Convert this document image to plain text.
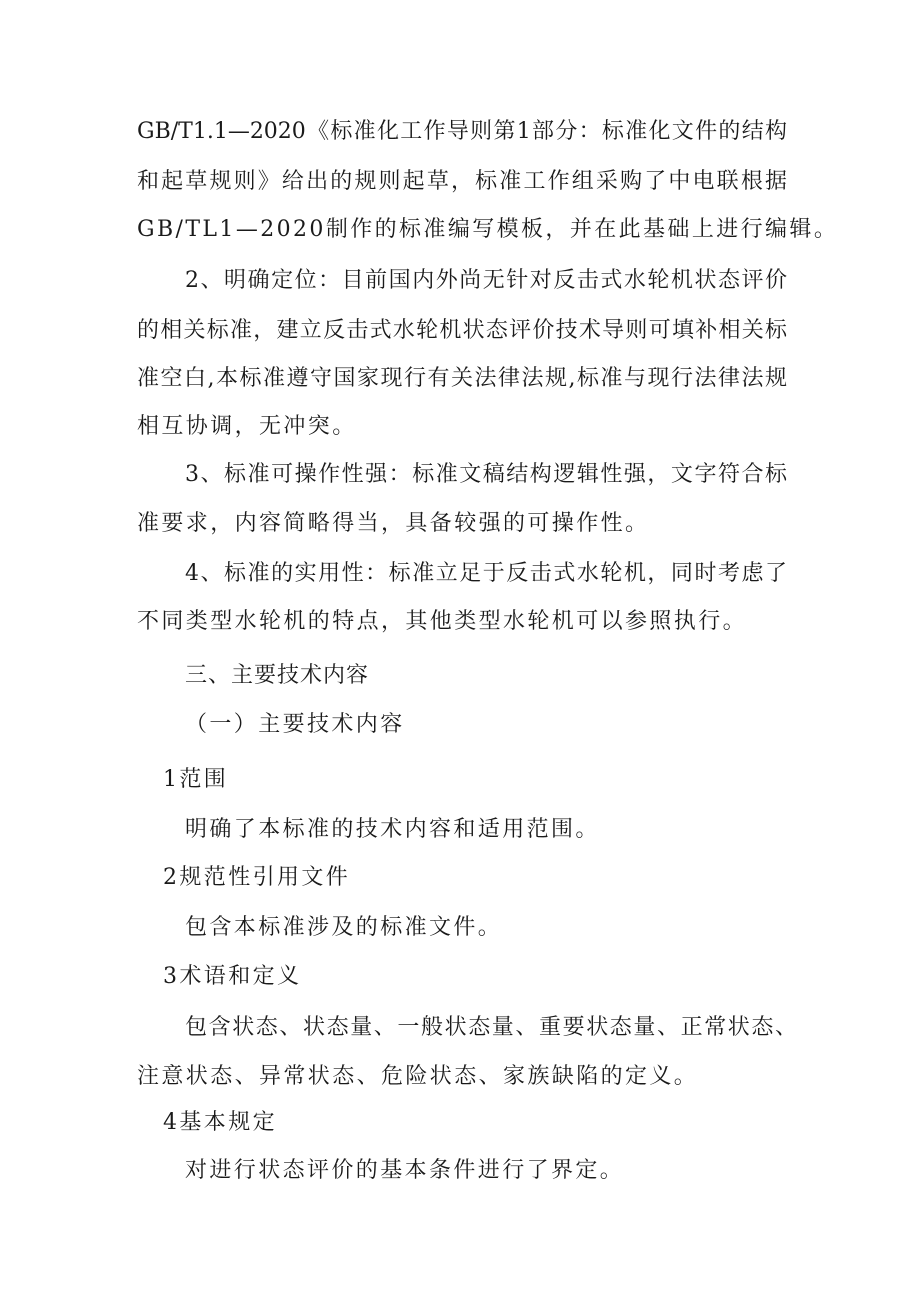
GB/T1.1—2020《标准化工作导则第1部分：标准化文件的结构
和起草规则》给出的规则起草，标准工作组采购了中电联根据
GB/TL1—2020制作的标准编写模板，并在此基础上进行编辑。
2、明确定位：目前国内外尚无针对反击式水轮机状态评价
的相关标准，建立反击式水轮机状态评价技术导则可填补相关标
准空白,本标准遵守国家现行有关法律法规,标准与现行法律法规
相互协调，无冲突。
3、标准可操作性强：标准文稿结构逻辑性强，文字符合标
准要求，内容简略得当，具备较强的可操作性。
4、标准的实用性：标准立足于反击式水轮机，同时考虑了
不同类型水轮机的特点，其他类型水轮机可以参照执行。
三、主要技术内容
（一）主要技术内容
1范围
明确了本标准的技术内容和适用范围。
2规范性引用文件
包含本标准涉及的标准文件。
3术语和定义
包含状态、状态量、一般状态量、重要状态量、正常状态、
注意状态、异常状态、危险状态、家族缺陷的定义。
4基本规定
对进行状态评价的基本条件进行了界定。
